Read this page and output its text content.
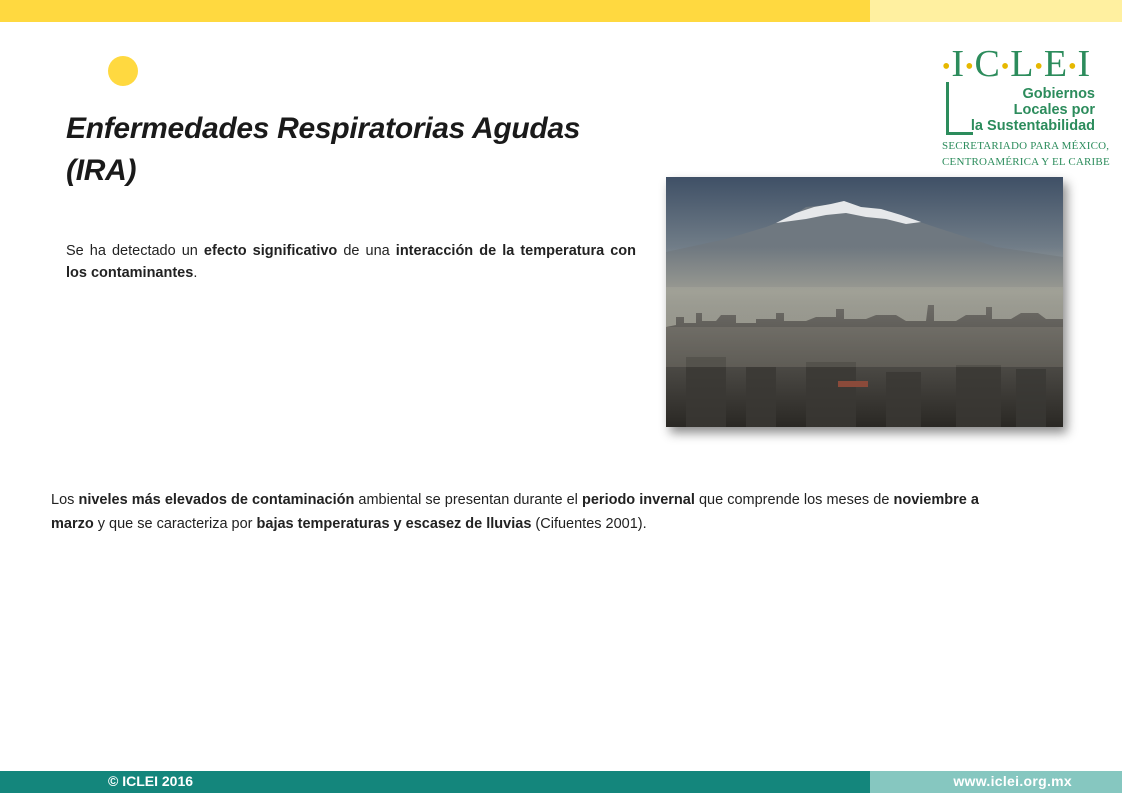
Enfermedades Respiratorias Agudas
(IRA)

Se ha detectado un efecto significativo de una interacción de la temperatura con los contaminantes.

•I•C•L•E•I
Gobiernos
Locales por
la Sustentabilidad
SECRETARIADO PARA MÉXICO,
CENTROAMÉRICA Y EL CARIBE

Los niveles más elevados de contaminación ambiental se presentan durante el periodo invernal que comprende los meses de noviembre a marzo y que se caracteriza por bajas temperaturas y escasez de lluvias (Cifuentes 2001).

© ICLEI 2016	www.iclei.org.mx
